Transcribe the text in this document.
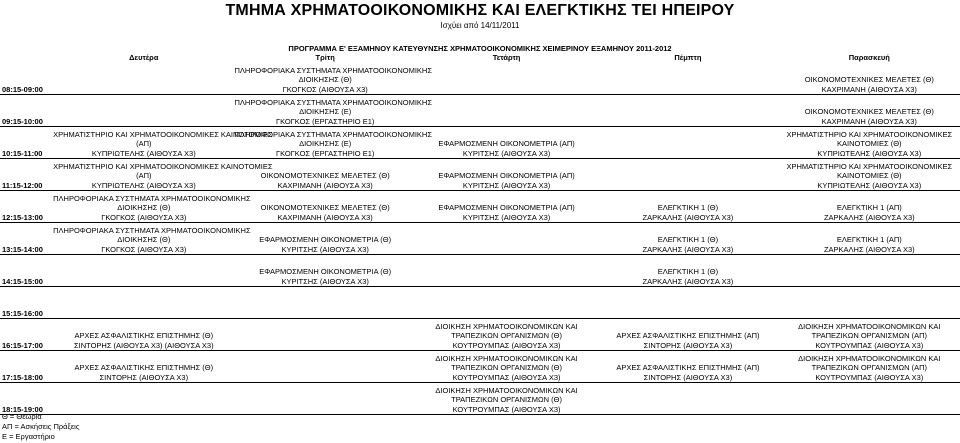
ΤΜΗΜΑ ΧΡΗΜΑΤΟΟΙΚΟΝΟΜΙΚΗΣ ΚΑΙ ΕΛΕΓΚΤΙΚΗΣ ΤΕΙ ΗΠΕΙΡΟΥ
Ισχύει από 14/11/2011
ΠΡΟΓΡΑΜΜΑ Ε' ΕΞΑΜΗΝΟΥ ΚΑΤΕΥΘΥΝΣΗΣ ΧΡΗΜΑΤΟΟΙΚΟΝΟΜΙΚΗΣ ΧΕΙΜΕΡΙΝΟΥ ΕΞΑΜΗΝΟΥ 2011-2012
	Δευτέρα	Τρίτη	Τετάρτη	Πέμπτη	Παρασκευή
08:15-09:00		ΠΛΗΡΟΦΟΡΙΑΚΑ ΣΥΣΤΗΜΑΤΑ ΧΡΗΜΑΤΟΟΙΚΟΝΟΜΙΚΗΣ
ΔΙΟΙΚΗΣΗΣ (Θ)
ΓΚΟΓΚΟΣ (ΑΙΘΟΥΣΑ Χ3)			ΟΙΚΟΝΟΜΟΤΕΧΝΙΚΕΣ ΜΕΛΕΤΕΣ (Θ)
ΚΑΧΡΙΜΑΝΗ (ΑΙΘΟΥΣΑ Χ3)

09:15-10:00		ΠΛΗΡΟΦΟΡΙΑΚΑ ΣΥΣΤΗΜΑΤΑ ΧΡΗΜΑΤΟΟΙΚΟΝΟΜΙΚΗΣ
ΔΙΟΙΚΗΣΗΣ (Ε)
ΓΚΟΓΚΟΣ (ΕΡΓΑΣΤΗΡΙΟ Ε1)			ΟΙΚΟΝΟΜΟΤΕΧΝΙΚΕΣ ΜΕΛΕΤΕΣ (Θ)
ΚΑΧΡΙΜΑΝΗ (ΑΙΘΟΥΣΑ Χ3)

10:15-11:00	ΧΡΗΜΑΤΙΣΤΗΡΙΟ ΚΑΙ ΧΡΗΜΑΤΟΟΙΚΟΝΟΜΙΚΕΣ ΚΑΙΝΟΤΟΜΙΕΣ
(ΑΠ)
ΚΥΠΡΙΩΤΕΛΗΣ (ΑΙΘΟΥΣΑ Χ3)	ΠΛΗΡΟΦΟΡΙΑΚΑ ΣΥΣΤΗΜΑΤΑ ΧΡΗΜΑΤΟΟΙΚΟΝΟΜΙΚΗΣ
ΔΙΟΙΚΗΣΗΣ (Ε)
ΓΚΟΓΚΟΣ (ΕΡΓΑΣΤΗΡΙΟ Ε1)	ΕΦΑΡΜΟΣΜΕΝΗ ΟΙΚΟΝΟΜΕΤΡΙΑ (ΑΠ)
ΚΥΡΙΤΣΗΣ (ΑΙΘΟΥΣΑ Χ3)		ΧΡΗΜΑΤΙΣΤΗΡΙΟ ΚΑΙ ΧΡΗΜΑΤΟΟΙΚΟΝΟΜΙΚΕΣ
ΚΑΙΝΟΤΟΜΙΕΣ (Θ)
ΚΥΠΡΙΩΤΕΛΗΣ (ΑΙΘΟΥΣΑ Χ3)

11:15-12:00	ΧΡΗΜΑΤΙΣΤΗΡΙΟ ΚΑΙ ΧΡΗΜΑΤΟΟΙΚΟΝΟΜΙΚΕΣ ΚΑΙΝΟΤΟΜΙΕΣ
(ΑΠ)
ΚΥΠΡΙΩΤΕΛΗΣ (ΑΙΘΟΥΣΑ Χ3)	ΟΙΚΟΝΟΜΟΤΕΧΝΙΚΕΣ ΜΕΛΕΤΕΣ (Θ)
ΚΑΧΡΙΜΑΝΗ (ΑΙΘΟΥΣΑ Χ3)	ΕΦΑΡΜΟΣΜΕΝΗ ΟΙΚΟΝΟΜΕΤΡΙΑ (ΑΠ)
ΚΥΡΙΤΣΗΣ (ΑΙΘΟΥΣΑ Χ3)		ΧΡΗΜΑΤΙΣΤΗΡΙΟ ΚΑΙ ΧΡΗΜΑΤΟΟΙΚΟΝΟΜΙΚΕΣ
ΚΑΙΝΟΤΟΜΙΕΣ (Θ)
ΚΥΠΡΙΩΤΕΛΗΣ (ΑΙΘΟΥΣΑ Χ3)

12:15-13:00	ΠΛΗΡΟΦΟΡΙΑΚΑ ΣΥΣΤΗΜΑΤΑ ΧΡΗΜΑΤΟΟΙΚΟΝΟΜΙΚΗΣ
ΔΙΟΙΚΗΣΗΣ (Θ)
ΓΚΟΓΚΟΣ (ΑΙΘΟΥΣΑ Χ3)	ΟΙΚΟΝΟΜΟΤΕΧΝΙΚΕΣ ΜΕΛΕΤΕΣ (Θ)
ΚΑΧΡΙΜΑΝΗ (ΑΙΘΟΥΣΑ Χ3)	ΕΦΑΡΜΟΣΜΕΝΗ ΟΙΚΟΝΟΜΕΤΡΙΑ (ΑΠ)
ΚΥΡΙΤΣΗΣ (ΑΙΘΟΥΣΑ Χ3)	ΕΛΕΓΚΤΙΚΗ 1 (Θ)
ΖΑΡΚΑΛΗΣ (ΑΙΘΟΥΣΑ Χ3)	ΕΛΕΓΚΤΙΚΗ 1 (ΑΠ)
ΖΑΡΚΑΛΗΣ (ΑΙΘΟΥΣΑ Χ3)

13:15-14:00	ΠΛΗΡΟΦΟΡΙΑΚΑ ΣΥΣΤΗΜΑΤΑ ΧΡΗΜΑΤΟΟΙΚΟΝΟΜΙΚΗΣ
ΔΙΟΙΚΗΣΗΣ (Θ)
ΓΚΟΓΚΟΣ (ΑΙΘΟΥΣΑ Χ3)	ΕΦΑΡΜΟΣΜΕΝΗ ΟΙΚΟΝΟΜΕΤΡΙΑ (Θ)
ΚΥΡΙΤΣΗΣ (ΑΙΘΟΥΣΑ Χ3)		ΕΛΕΓΚΤΙΚΗ 1 (Θ)
ΖΑΡΚΑΛΗΣ (ΑΙΘΟΥΣΑ Χ3)	ΕΛΕΓΚΤΙΚΗ 1 (ΑΠ)
ΖΑΡΚΑΛΗΣ (ΑΙΘΟΥΣΑ Χ3)

14:15-15:00		ΕΦΑΡΜΟΣΜΕΝΗ ΟΙΚΟΝΟΜΕΤΡΙΑ (Θ)
ΚΥΡΙΤΣΗΣ (ΑΙΘΟΥΣΑ Χ3)		ΕΛΕΓΚΤΙΚΗ 1 (Θ)
ΖΑΡΚΑΛΗΣ (ΑΙΘΟΥΣΑ Χ3)	

15:15-16:00					
16:15-17:00	ΑΡΧΕΣ ΑΣΦΑΛΙΣΤΙΚΗΣ ΕΠΙΣΤΗΜΗΣ (Θ)
ΣΙΝΤΟΡΗΣ (ΑΙΘΟΥΣΑ Χ3) (ΑΙΘΟΥΣΑ Χ3)		ΔΙΟΙΚΗΣΗ ΧΡΗΜΑΤΟΟΙΚΟΝΟΜΙΚΩΝ ΚΑΙ
ΤΡΑΠΕΖΙΚΩΝ ΟΡΓΑΝΙΣΜΩΝ (Θ)
ΚΟΥΤΡΟΥΜΠΑΣ (ΑΙΘΟΥΣΑ Χ3)	ΑΡΧΕΣ ΑΣΦΑΛΙΣΤΙΚΗΣ ΕΠΙΣΤΗΜΗΣ (ΑΠ)
ΣΙΝΤΟΡΗΣ (ΑΙΘΟΥΣΑ Χ3)	ΔΙΟΙΚΗΣΗ ΧΡΗΜΑΤΟΟΙΚΟΝΟΜΙΚΩΝ ΚΑΙ
ΤΡΑΠΕΖΙΚΩΝ ΟΡΓΑΝΙΣΜΩΝ (ΑΠ)
ΚΟΥΤΡΟΥΜΠΑΣ (ΑΙΘΟΥΣΑ Χ3)

17:15-18:00	ΑΡΧΕΣ ΑΣΦΑΛΙΣΤΙΚΗΣ ΕΠΙΣΤΗΜΗΣ (Θ)
ΣΙΝΤΟΡΗΣ (ΑΙΘΟΥΣΑ Χ3)		ΔΙΟΙΚΗΣΗ ΧΡΗΜΑΤΟΟΙΚΟΝΟΜΙΚΩΝ ΚΑΙ
ΤΡΑΠΕΖΙΚΩΝ ΟΡΓΑΝΙΣΜΩΝ (Θ)
ΚΟΥΤΡΟΥΜΠΑΣ (ΑΙΘΟΥΣΑ Χ3)	ΑΡΧΕΣ ΑΣΦΑΛΙΣΤΙΚΗΣ ΕΠΙΣΤΗΜΗΣ (ΑΠ)
ΣΙΝΤΟΡΗΣ (ΑΙΘΟΥΣΑ Χ3)	ΔΙΟΙΚΗΣΗ ΧΡΗΜΑΤΟΟΙΚΟΝΟΜΙΚΩΝ ΚΑΙ
ΤΡΑΠΕΖΙΚΩΝ ΟΡΓΑΝΙΣΜΩΝ (ΑΠ)
ΚΟΥΤΡΟΥΜΠΑΣ (ΑΙΘΟΥΣΑ Χ3)

18:15-19:00			ΔΙΟΙΚΗΣΗ ΧΡΗΜΑΤΟΟΙΚΟΝΟΜΙΚΩΝ ΚΑΙ
ΤΡΑΠΕΖΙΚΩΝ ΟΡΓΑΝΙΣΜΩΝ (Θ)
ΚΟΥΤΡΟΥΜΠΑΣ (ΑΙΘΟΥΣΑ Χ3)		

Θ = Θεωρία
ΑΠ = Ασκήσεις Πράξεις
Ε = Εργαστήριο
